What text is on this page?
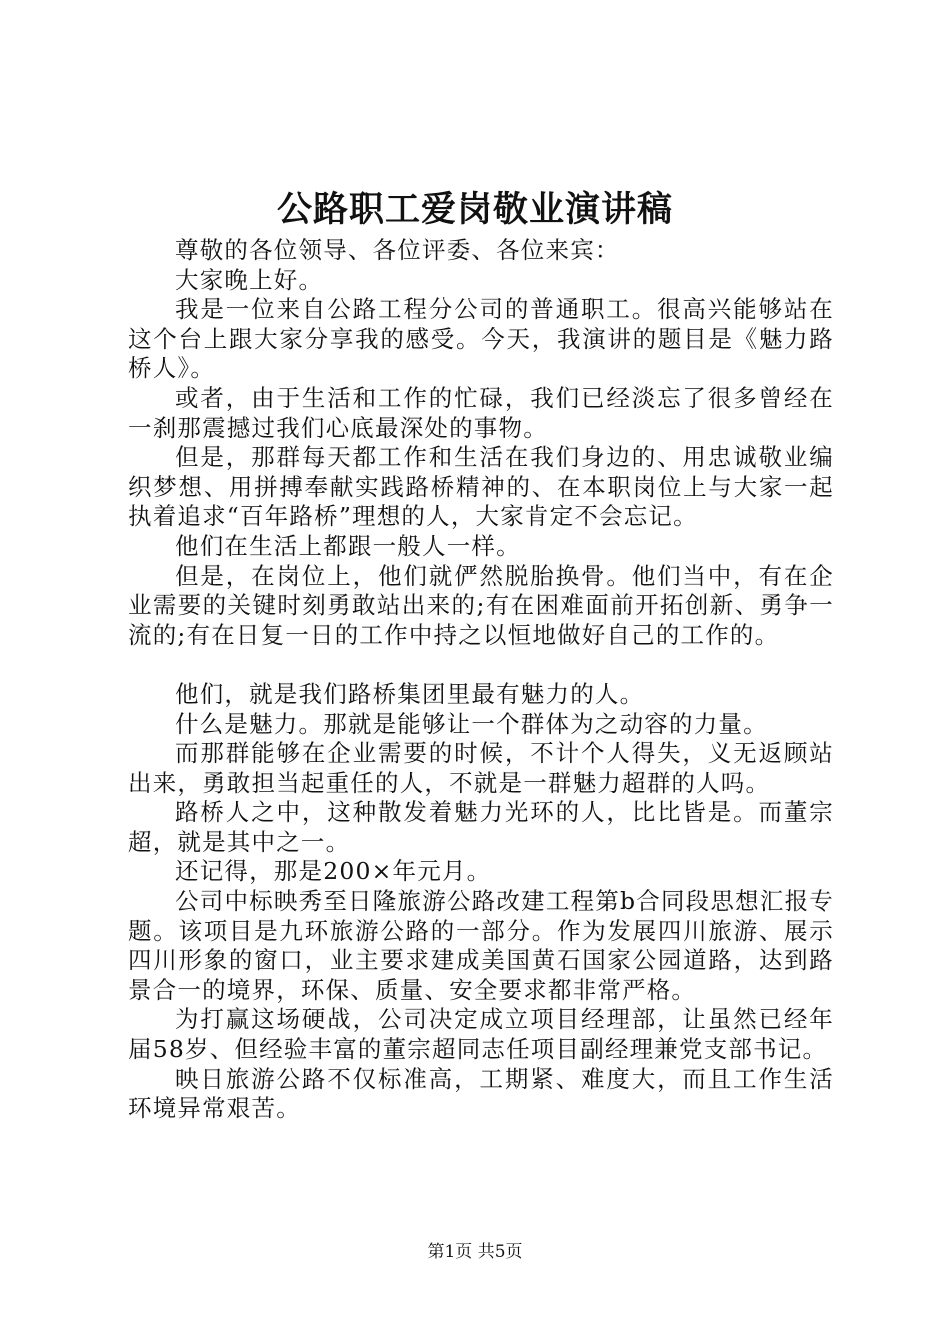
公路职工爱岗敬业演讲稿

尊敬的各位领导、各位评委、各位来宾：

大家晚上好。

我是一位来自公路工程分公司的普通职工。很高兴能够站在这个台上跟大家分享我的感受。今天，我演讲的题目是《魅力路桥人》。

或者，由于生活和工作的忙碌，我们已经淡忘了很多曾经在一刹那震撼过我们心底最深处的事物。

但是，那群每天都工作和生活在我们身边的、用忠诚敬业编织梦想、用拼搏奉献实践路桥精神的、在本职岗位上与大家一起执着追求“百年路桥”理想的人，大家肯定不会忘记。

他们在生活上都跟一般人一样。

但是，在岗位上，他们就俨然脱胎换骨。他们当中，有在企业需要的关键时刻勇敢站出来的;有在困难面前开拓创新、勇争一流的;有在日复一日的工作中持之以恒地做好自己的工作的。

他们，就是我们路桥集团里最有魅力的人。

什么是魅力。那就是能够让一个群体为之动容的力量。

而那群能够在企业需要的时候，不计个人得失，义无返顾站出来，勇敢担当起重任的人，不就是一群魅力超群的人吗。

路桥人之中，这种散发着魅力光环的人，比比皆是。而董宗超，就是其中之一。

还记得，那是200×年元月。

公司中标映秀至日隆旅游公路改建工程第b合同段思想汇报专题。该项目是九环旅游公路的一部分。作为发展四川旅游、展示四川形象的窗口，业主要求建成美国黄石国家公园道路，达到路景合一的境界，环保、质量、安全要求都非常严格。

为打赢这场硬战，公司决定成立项目经理部，让虽然已经年届58岁、但经验丰富的董宗超同志任项目副经理兼党支部书记。

映日旅游公路不仅标准高，工期紧、难度大，而且工作生活环境异常艰苦。

第1页 共5页
